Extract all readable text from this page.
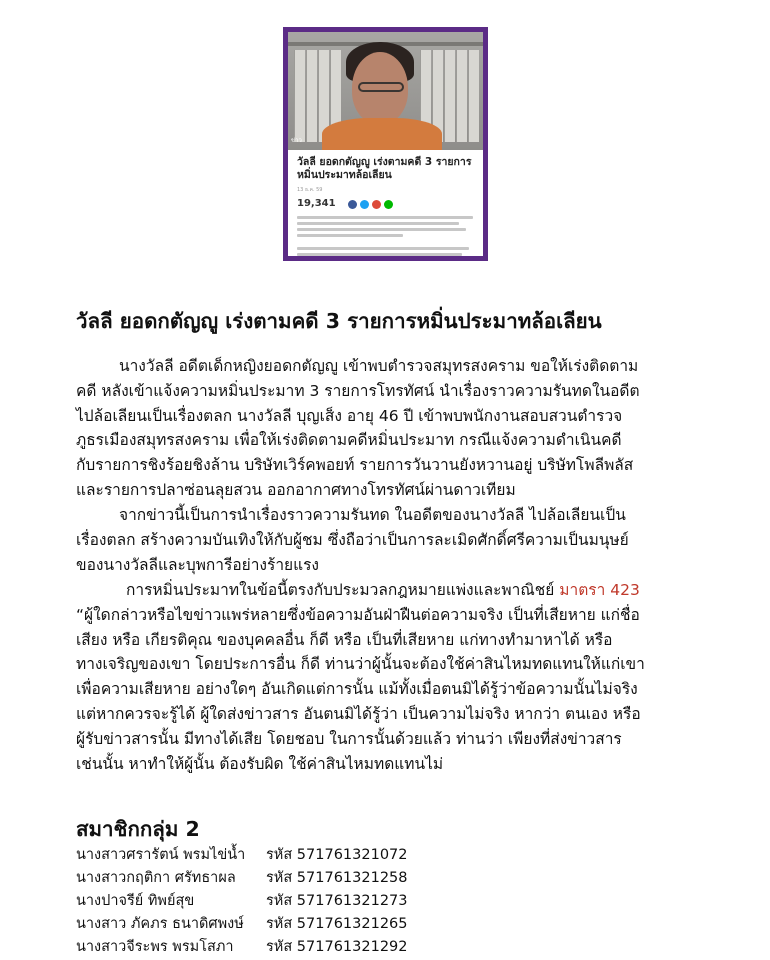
ข่าว
วัลลี ยอดกตัญญู เร่งตามคดี 3 รายการ
หมิ่นประมาทล้อเลียน
13 ธ.ค. 59
19,341
วัลลี ยอดกตัญญู เร่งตามคดี 3 รายการหมิ่นประมาทล้อเลียน
นางวัลลี อดีตเด็กหญิงยอดกตัญญู เข้าพบตำรวจสมุทรสงคราม ขอให้เร่งติดตาม
คดี หลังเข้าแจ้งความหมิ่นประมาท 3 รายการโทรทัศน์ นำเรื่องราวความรันทดในอดีต
ไปล้อเลียนเป็นเรื่องตลก นางวัลลี บุญเส็ง อายุ 46 ปี เข้าพบพนักงานสอบสวนตำรวจ
ภูธรเมืองสมุทรสงคราม เพื่อให้เร่งติดตามคดีหมิ่นประมาท กรณีแจ้งความดำเนินคดี
กับรายการชิงร้อยชิงล้าน บริษัทเวิร์คพอยท์ รายการวันวานยังหวานอยู่ บริษัทโพลีพลัส
และรายการปลาซ่อนลุยสวน ออกอากาศทางโทรทัศน์ผ่านดาวเทียม
จากข่าวนี้เป็นการนำเรื่องราวความรันทด ในอดีตของนางวัลลี ไปล้อเลียนเป็น
เรื่องตลก สร้างความบันเทิงให้กับผู้ชม ซึ่งถือว่าเป็นการละเมิดศักดิ์ศรีความเป็นมนุษย์
ของนางวัลลีและบุพการีอย่างร้ายแรง
การหมิ่นประมาทในข้อนี้ตรงกับประมวลกฎหมายแพ่งและพาณิชย์ มาตรา 423
“ผู้ใดกล่าวหรือไขข่าวแพร่หลายซึ่งข้อความอันฝ่าฝืนต่อความจริง เป็นที่เสียหาย แก่ชื่อ
เสียง หรือ เกียรติคุณ ของบุคคลอื่น ก็ดี หรือ เป็นที่เสียหาย แก่ทางทำมาหาได้ หรือ
ทางเจริญของเขา โดยประการอื่น ก็ดี ท่านว่าผู้นั้นจะต้องใช้ค่าสินไหมทดแทนให้แก่เขา
เพื่อความเสียหาย อย่างใดๆ อันเกิดแต่การนั้น แม้ทั้งเมื่อตนมิได้รู้ว่าข้อความนั้นไม่จริง
แต่หากควรจะรู้ได้ ผู้ใดส่งข่าวสาร อันตนมิได้รู้ว่า เป็นความไม่จริง หากว่า ตนเอง หรือ
ผู้รับข่าวสารนั้น มีทางได้เสีย โดยชอบ ในการนั้นด้วยแล้ว ท่านว่า เพียงที่ส่งข่าวสาร
เช่นนั้น หาทำให้ผู้นั้น ต้องรับผิด ใช้ค่าสินไหมทดแทนไม่
สมาชิกกลุ่ม 2
นางสาวศรารัตน์ พรมไข่น้ำ รหัส 571761321072
นางสาวกฤติกา ศรัทธาผล รหัส 571761321258
นางปาจรีย์ ทิพย์สุข	รหัส 571761321273
นางสาว ภัคภร ธนาดิศพงษ์ รหัส 571761321265
นางสาวจีระพร พรมโสภา รหัส 571761321292
